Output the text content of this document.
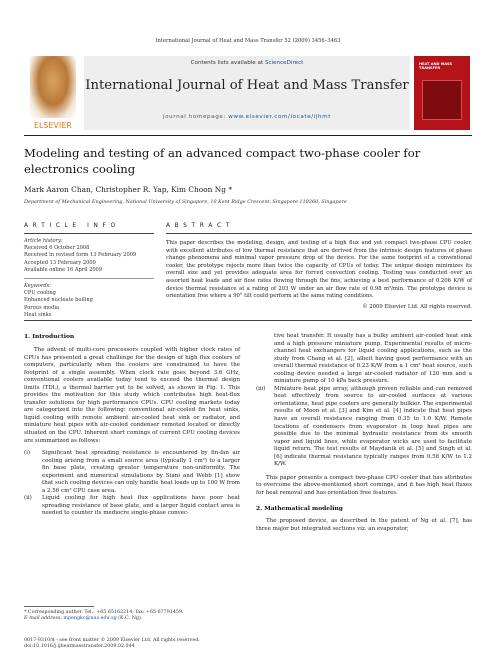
International Journal of Heat and Mass Transfer 52 (2009) 3456–3463
ELSEVIER
Contents lists available at ScienceDirect
International Journal of Heat and Mass Transfer
journal homepage: www.elsevier.com/locate/ijhmt
HEAT AND MASS TRANSFER
Modeling and testing of an advanced compact two-phase cooler for electronics cooling
Mark Aaron Chan, Christopher R. Yap, Kim Choon Ng *
Department of Mechanical Engineering, National University of Singapore, 10 Kent Ridge Crescent, Singapore 119260, Singapore
A R T I C L E   I N F O
Article history:
Received 6 October 2008
Received in revised form 13 February 2009
Accepted 13 February 2009
Available online 16 April 2009
Keywords:
CPU cooling
Enhanced nucleate boiling
Porous media
Heat sinks
A B S T R A C T
This paper describes the modeling, design, and testing of a high flux and yet compact two-phase CPU cooler, with excellent attributes of low thermal resistance that are derived from the intrinsic design features of phase change phenomena and minimal vapor pressure drop of the device. For the same footprint of a conventional cooler, the prototype rejects more than twice the capacity of CPUs of today. The unique design minimizes its overall size and yet provides adequate area for forced convection cooling. Testing was conducted over an assorted heat loads and air flow rates flowing through the fins, achieving a best performance of 0.206 K/W of device thermal resistance at a rating of 203 W under an air flow rate of 0.98 m³/min. The prototype device is orientation free where a 90° tilt could perform at the same rating conditions.
© 2009 Elsevier Ltd. All rights reserved.
1. Introduction
The advent of multi-core processors coupled with higher clock rates of CPUs has presented a great challenge for the design of high flux coolers of computers, particularly when the coolers are constrained to have the footprint of a single assembly. When clock rate goes beyond 3.6 GHz, conventional coolers available today tend to exceed the thermal design limits (TDL), a thermal barrier yet to be solved, as shown in Fig. 1. This provides the motivation for this study which contributes high heat-flux transfer solutions for high performance CPUs. CPU cooling markets today are categorized into the following: conventional air-cooled fin heat sinks, liquid cooling with remote ambient air-cooled heat sink or radiator, and miniature heat pipes with air-cooled condenser remoted located or directly situated on the CPU. Inherent short comings of current CPU cooling devices are summarized as follows:
(i)	Significant heat spreading resistance is encountered by fin-fan air cooling arising from a small source area (typically 1 cm²) to a larger fin base plate, creating greater temperature non-uniformity. The experiment and numerical simulations by Siani and Webb [1] show that such cooling devices can only handle heat loads up to 100 W from a 2.56 cm² CPU case area.
(ii)	Liquid cooling for high heat flux applications have poor heat spreading resistance of base plate, and a larger liquid contact area is needed to counter its mediocre single-phase convec-
tive heat transfer. It usually has a bulky ambient air-cooled heat sink and a high pressure miniature pump. Experimental results of micro-channel heat exchangers for liquid cooling applications, such as the study from Chang et al. [2], albeit having good performance with an overall thermal resistance of 0.23 K/W from a 1 cm² heat source, such cooling device needed a large air-cooled radiator of 120 mm and a miniature pump of 10 kPa back pressure.
(iii)	Miniature heat pipe array, although proven reliable and can removed heat effectively from source to air-cooled surfaces at various orientations, heat pipe coolers are generally bulkier. The experimental results of Moon et al. [3] and Kim et al. [4] indicate that heat pipes have an overall resistance ranging from 0.35 to 1.0 K/W. Remote locations of condensers from evaporator in loop heat pipes are possible due to the minimal hydraulic resistance from its smooth vapor and liquid lines, while evaporator wicks are used to facilitate liquid return. The test results of Maydanik et al. [5] and Singh et al. [6] indicate thermal resistance typically ranges from 0.58 K/W to 1.2 K/W.
This paper presents a compact two-phase CPU cooler that has attributes to overcome the above-mentioned short comings, and it has high heat fluxes for heat removal and has orientation free features.
2. Mathematical modeling
The proposed device, as described in the patent of Ng et al. [7], has three major but integrated sections viz. an evaporator,
* Corresponding author. Tel.: +65 65162214; fax: +65 67791459.
E-mail address: mpengkc@nus.edu.sg (K.C. Ng).
0017-9310/$ - see front matter © 2009 Elsevier Ltd. All rights reserved.
doi:10.1016/j.ijheatmasstransfer.2009.02.044
